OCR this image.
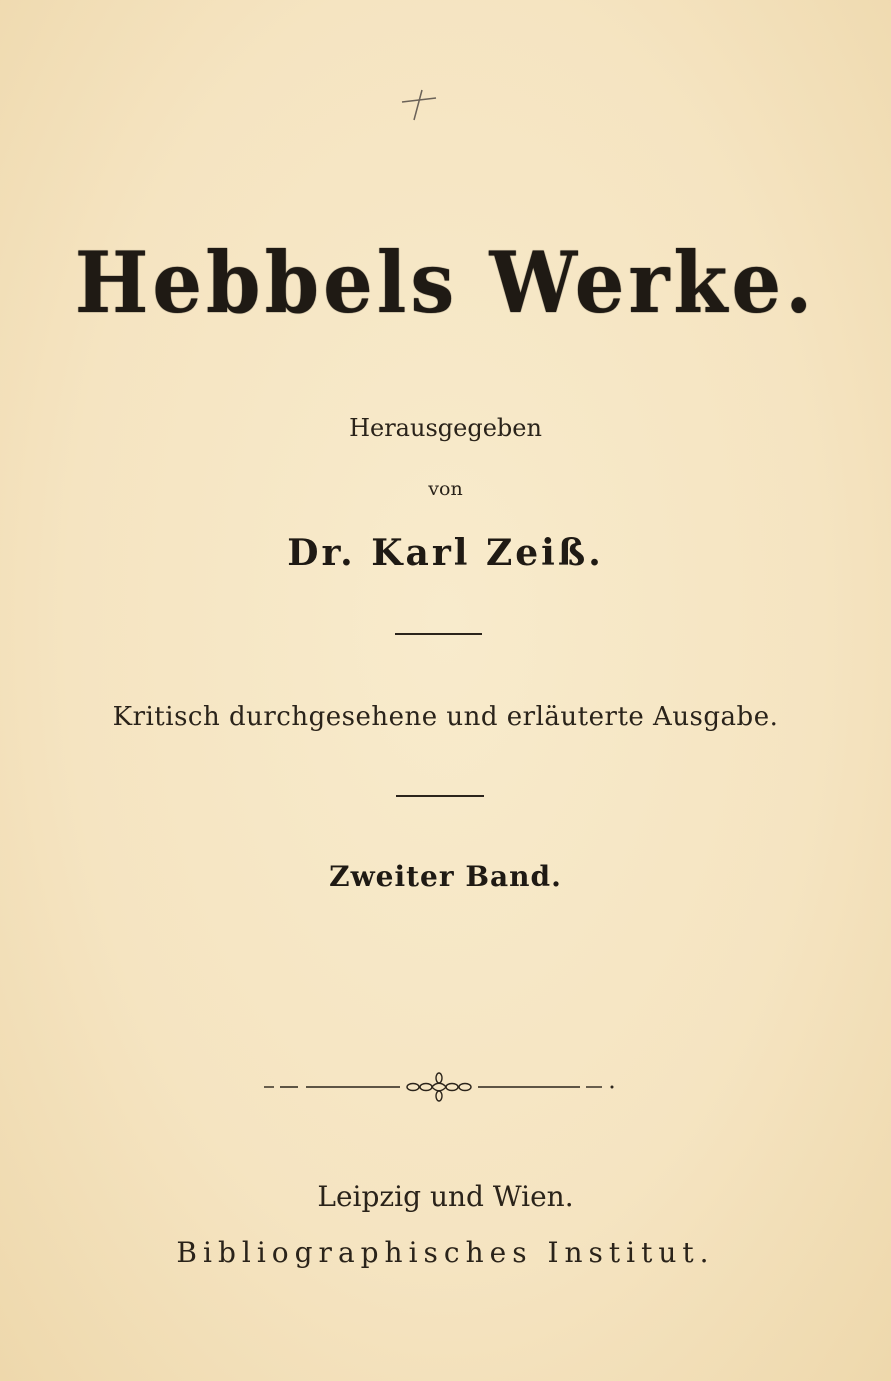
Hebbels Werke.
Herausgegeben
von
Dr. Karl Zeiß.
Kritisch durchgesehene und erläuterte Ausgabe.
Zweiter Band.
Leipzig und Wien.
Bibliographisches Institut.
